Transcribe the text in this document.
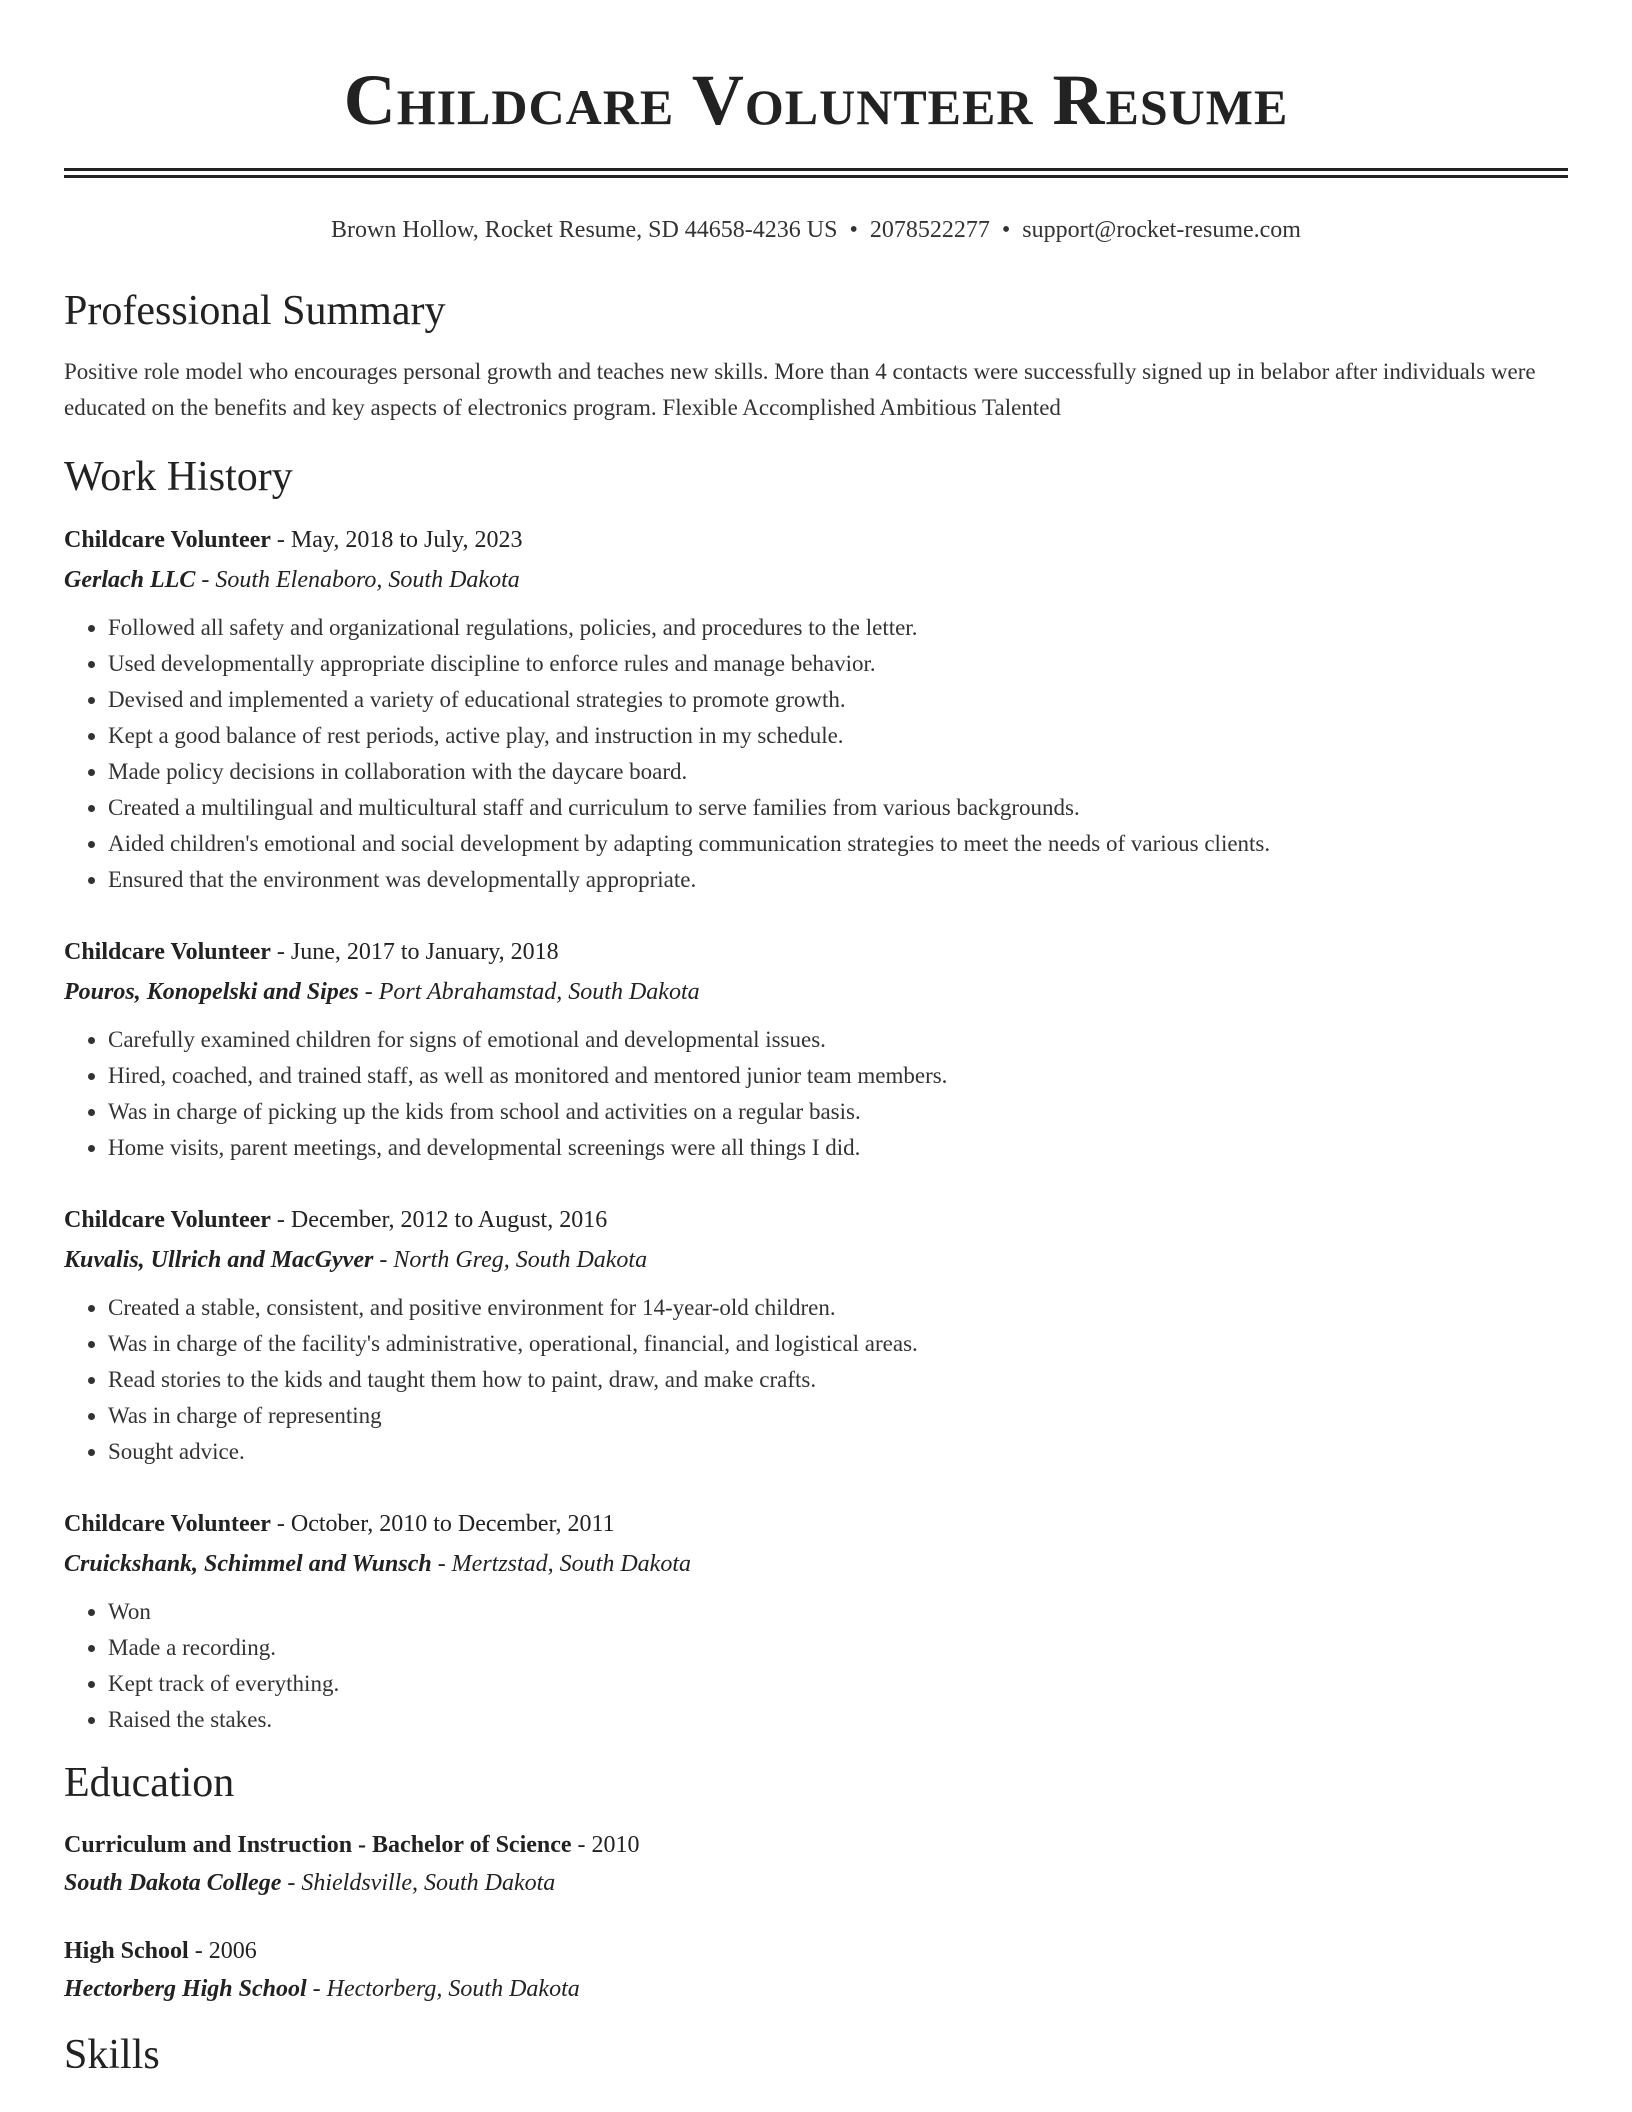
Childcare Volunteer Resume
Brown Hollow, Rocket Resume, SD 44658-4236 US • 2078522277 • support@rocket-resume.com
Professional Summary

Positive role model who encourages personal growth and teaches new skills. More than 4 contacts were successfully signed up in belabor after individuals were educated on the benefits and key aspects of electronics program. Flexible Accomplished Ambitious Talented

Work History
Childcare Volunteer - May, 2018 to July, 2023
Gerlach LLC - South Elenaboro, South Dakota
• Followed all safety and organizational regulations, policies, and procedures to the letter.
• Used developmentally appropriate discipline to enforce rules and manage behavior.
• Devised and implemented a variety of educational strategies to promote growth.
• Kept a good balance of rest periods, active play, and instruction in my schedule.
• Made policy decisions in collaboration with the daycare board.
• Created a multilingual and multicultural staff and curriculum to serve families from various backgrounds.
• Aided children's emotional and social development by adapting communication strategies to meet the needs of various clients.
• Ensured that the environment was developmentally appropriate.
Childcare Volunteer - June, 2017 to January, 2018
Pouros, Konopelski and Sipes - Port Abrahamstad, South Dakota
• Carefully examined children for signs of emotional and developmental issues.
• Hired, coached, and trained staff, as well as monitored and mentored junior team members.
• Was in charge of picking up the kids from school and activities on a regular basis.
• Home visits, parent meetings, and developmental screenings were all things I did.
Childcare Volunteer - December, 2012 to August, 2016
Kuvalis, Ullrich and MacGyver - North Greg, South Dakota
• Created a stable, consistent, and positive environment for 14-year-old children.
• Was in charge of the facility's administrative, operational, financial, and logistical areas.
• Read stories to the kids and taught them how to paint, draw, and make crafts.
• Was in charge of representing
• Sought advice.
Childcare Volunteer - October, 2010 to December, 2011
Cruickshank, Schimmel and Wunsch - Mertzstad, South Dakota
• Won
• Made a recording.
• Kept track of everything.
• Raised the stakes.
Education
Curriculum and Instruction - Bachelor of Science - 2010
South Dakota College - Shieldsville, South Dakota
High School - 2006
Hectorberg High School - Hectorberg, South Dakota
Skills
